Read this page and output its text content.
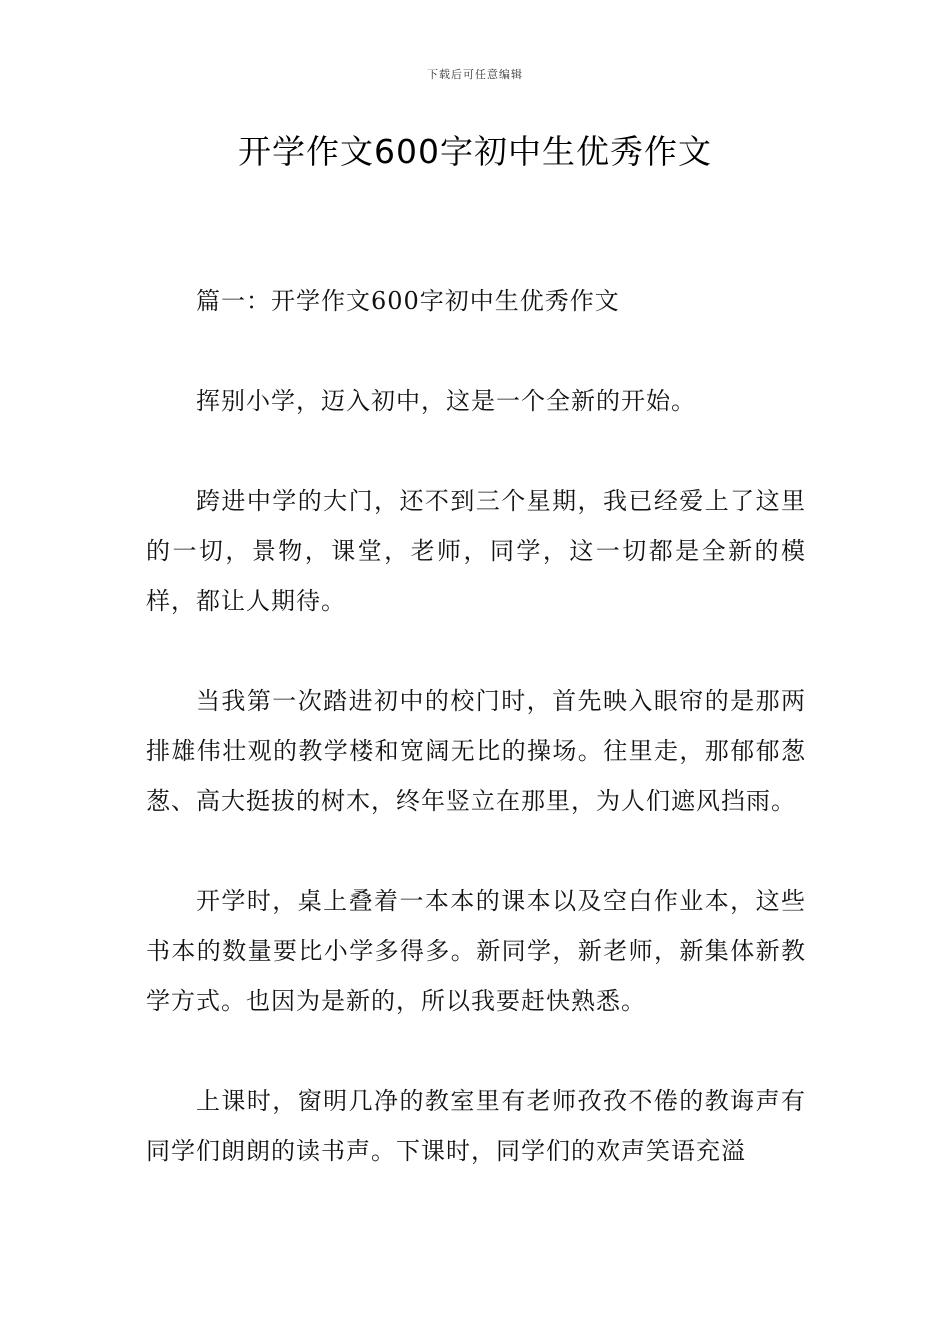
下载后可任意编辑
开学作文600字初中生优秀作文

篇一：开学作文600字初中生优秀作文

挥别小学，迈入初中，这是一个全新的开始。

跨进中学的大门，还不到三个星期，我已经爱上了这里的一切，景物，课堂，老师，同学，这一切都是全新的模样，都让人期待。

当我第一次踏进初中的校门时，首先映入眼帘的是那两排雄伟壮观的教学楼和宽阔无比的操场。往里走，那郁郁葱葱、高大挺拔的树木，终年竖立在那里，为人们遮风挡雨。

开学时，桌上叠着一本本的课本以及空白作业本，这些书本的数量要比小学多得多。新同学，新老师，新集体新教学方式。也因为是新的，所以我要赶快熟悉。

上课时，窗明几净的教室里有老师孜孜不倦的教诲声有同学们朗朗的读书声。下课时，同学们的欢声笑语充溢
